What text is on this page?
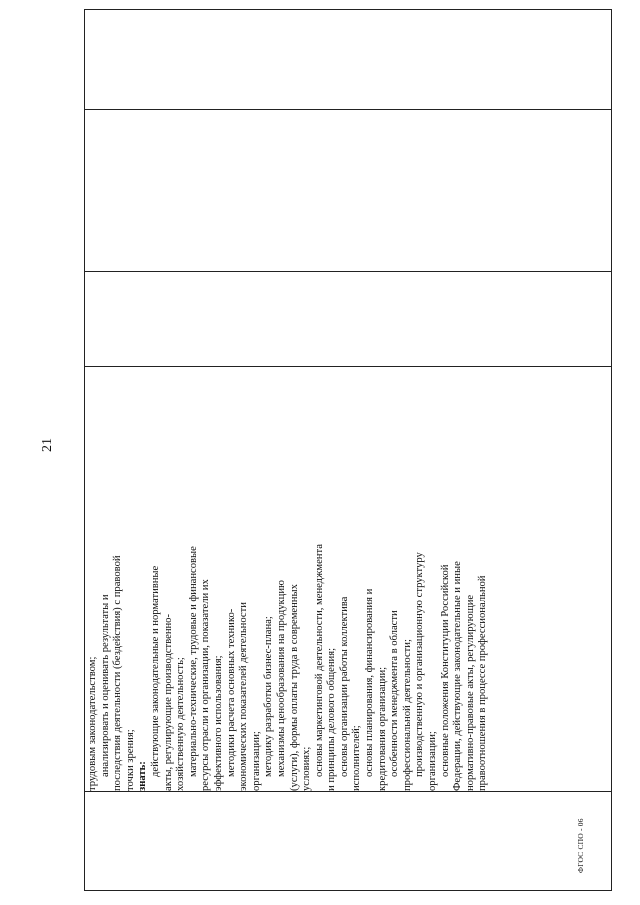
21
трудовым законодательством; анализировать и оценивать результаты и последствия деятельности (бездействия) с правовой точки зрения; знать: действующие законодательные и нормативные акты, регулирующие производственно- хозяйственную деятельность; материально-технические, трудовые и финансовые ресурсы отрасли и организации, показатели их эффективного использования; методики расчета основных технико- экономических показателей деятельности организации; методику разработки бизнес-плана; механизмы ценообразования на продукцию (услуги), формы оплаты труда в современных условиях; основы маркетинговой деятельности, менеджмента и принципы делового общения; основы организации работы коллектива исполнителей; основы планирования, финансирования и кредитования организации; особенности менеджмента в области профессиональной деятельности; производственную и организационную структуру организации; основные положения Конституции Российской Федерации, действующие законодательные и иные нормативно-правовые акты, регулирующие правоотношения в процессе профессиональной
ФГОС СПО - 06
